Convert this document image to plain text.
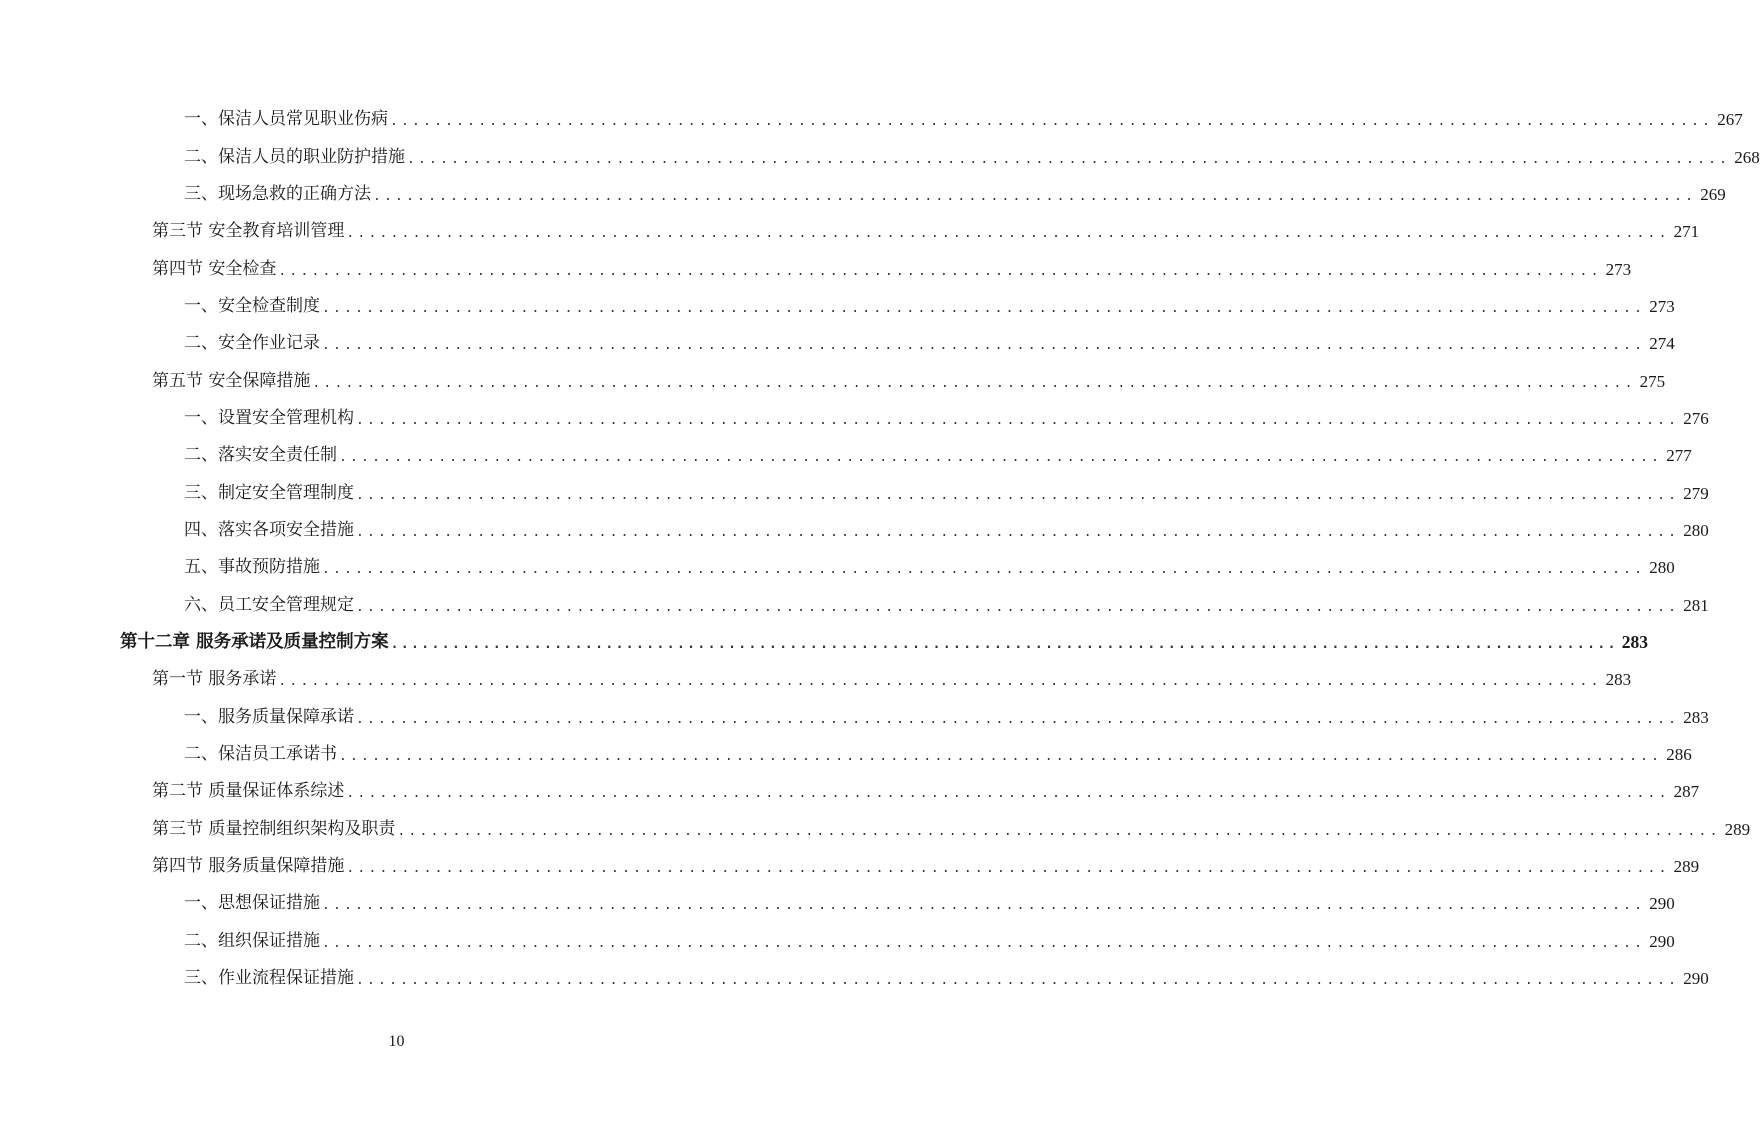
一、保洁人员常见职业伤病 ........................................................................................................................ 267
二、保洁人员的职业防护措施 ........................................................................................................................ 268
三、现场急救的正确方法 ........................................................................................................................ 269
第三节 安全教育培训管理 ........................................................................................................................ 271
第四节 安全检查 ........................................................................................................................ 273
一、安全检查制度 ........................................................................................................................ 273
二、安全作业记录 ........................................................................................................................ 274
第五节 安全保障措施 ........................................................................................................................ 275
一、设置安全管理机构 ........................................................................................................................ 276
二、落实安全责任制 ........................................................................................................................ 277
三、制定安全管理制度 ........................................................................................................................ 279
四、落实各项安全措施 ........................................................................................................................ 280
五、事故预防措施 ........................................................................................................................ 280
六、员工安全管理规定 ........................................................................................................................ 281
第十二章 服务承诺及质量控制方案 ........................................................................................................................ 283
第一节 服务承诺 ........................................................................................................................ 283
一、服务质量保障承诺 ........................................................................................................................ 283
二、保洁员工承诺书 ........................................................................................................................ 286
第二节 质量保证体系综述 ........................................................................................................................ 287
第三节 质量控制组织架构及职责 ........................................................................................................................ 289
第四节 服务质量保障措施 ........................................................................................................................ 289
一、思想保证措施 ........................................................................................................................ 290
二、组织保证措施 ........................................................................................................................ 290
三、作业流程保证措施 ........................................................................................................................ 290
10
